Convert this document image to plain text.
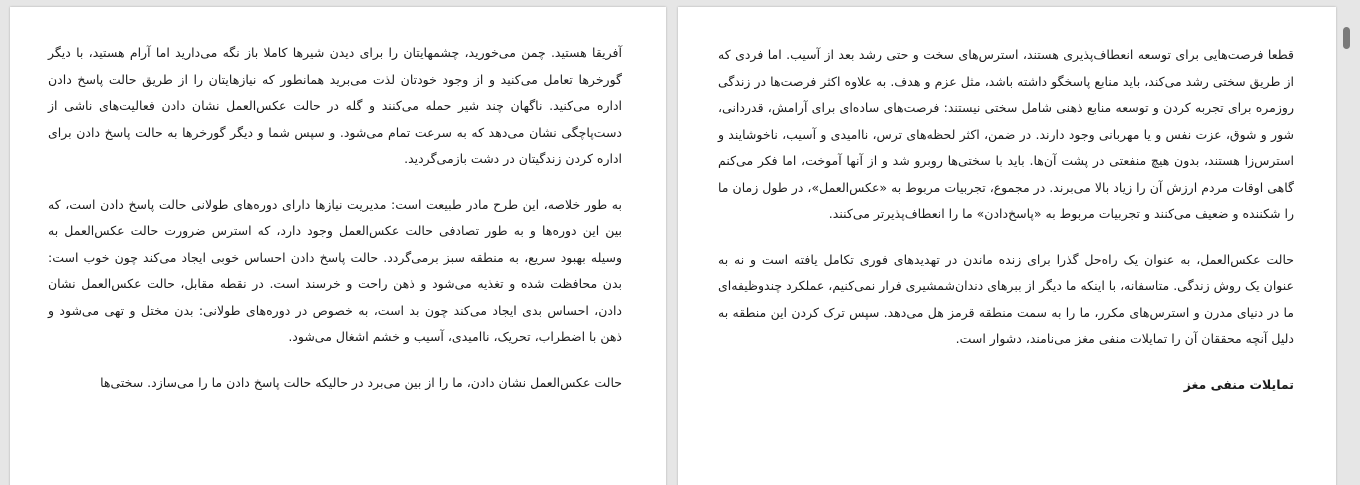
آفریقا هستید. چمن می‌خورید، چشمهایتان را برای دیدن شیرها کاملا باز نگه می‌دارید اما آرام هستید، با دیگر گورخرها تعامل می‌کنید و از وجود خودتان لذت می‌برید همانطور که نیازهایتان را از طریق حالت پاسخ دادن اداره می‌کنید. ناگهان چند شیر حمله می‌کنند و گله در حالت عکس‌العمل نشان دادن فعالیت‌های ناشی از دست‌پاچگی نشان می‌دهد که به سرعت تمام می‌شود. و سپس شما و دیگر گورخرها به حالت پاسخ دادن برای اداره کردن زندگیتان در دشت بازمی‌گردید.

به طور خلاصه، این طرح مادر طبیعت است: مدیریت نیازها دارای دوره‌های طولانی حالت پاسخ دادن است، که بین این دوره‌ها و به طور تصادفی حالت عکس‌العمل وجود دارد، که استرس ضرورت حالت عکس‌العمل به وسیله بهبود سریع، به منطقه سبز برمی‌گردد. حالت پاسخ دادن احساس خوبی ایجاد می‌کند چون خوب است: بدن محافظت شده و تغذیه می‌شود و ذهن راحت و خرسند است. در نقطه مقابل، حالت عکس‌العمل نشان دادن، احساس بدی ایجاد می‌کند چون بد است، به خصوص در دوره‌های طولانی: بدن مختل و تهی می‌شود و ذهن با اضطراب، تحریک، ناامیدی، آسیب و خشم اشغال می‌شود.

حالت عکس‌العمل نشان دادن، ما را از بین می‌برد در حالیکه حالت پاسخ دادن ما را می‌سازد. سختی‌ها

قطعا فرصت‌هایی برای توسعه انعطاف‌پذیری هستند، استرس‌های سخت و حتی رشد بعد از آسیب. اما فردی که از طریق سختی رشد می‌کند، باید منابع پاسخگو داشته باشد، مثل عزم و هدف. به علاوه اکثر فرصت‌ها در زندگی روزمره برای تجربه کردن و توسعه منابع ذهنی شامل سختی نیستند: فرصت‌های ساده‌ای برای آرامش، قدردانی، شور و شوق، عزت نفس و یا مهربانی وجود دارند. در ضمن، اکثر لحظه‌های ترس، ناامیدی و آسیب، ناخوشایند و استرس‌زا هستند، بدون هیچ منفعتی در پشت آن‌ها. باید با سختی‌ها روبرو شد و از آنها آموخت، اما فکر می‌کنم گاهی اوقات مردم ارزش آن را زیاد بالا می‌برند. در مجموع، تجربیات مربوط به «عکس‌العمل»، در طول زمان ما را شکننده و ضعیف می‌کنند و تجربیات مربوط به «پاسخ‌دادن» ما را انعطاف‌پذیرتر می‌کنند.

حالت عکس‌العمل، به عنوان یک راه‌حل گذرا برای زنده ماندن در تهدیدهای فوری تکامل یافته است و نه به عنوان یک روش زندگی. متاسفانه، با اینکه ما دیگر از ببرهای دندان‌شمشیری فرار نمی‌کنیم، عملکرد چندوظیفه‌ای ما در دنیای مدرن و استرس‌های مکرر، ما را به سمت منطقه قرمز هل می‌دهد. سپس ترک کردن این منطقه به دلیل آنچه محققان آن را تمایلات منفی مغز می‌نامند، دشوار است.

تمایلات منفی مغز
